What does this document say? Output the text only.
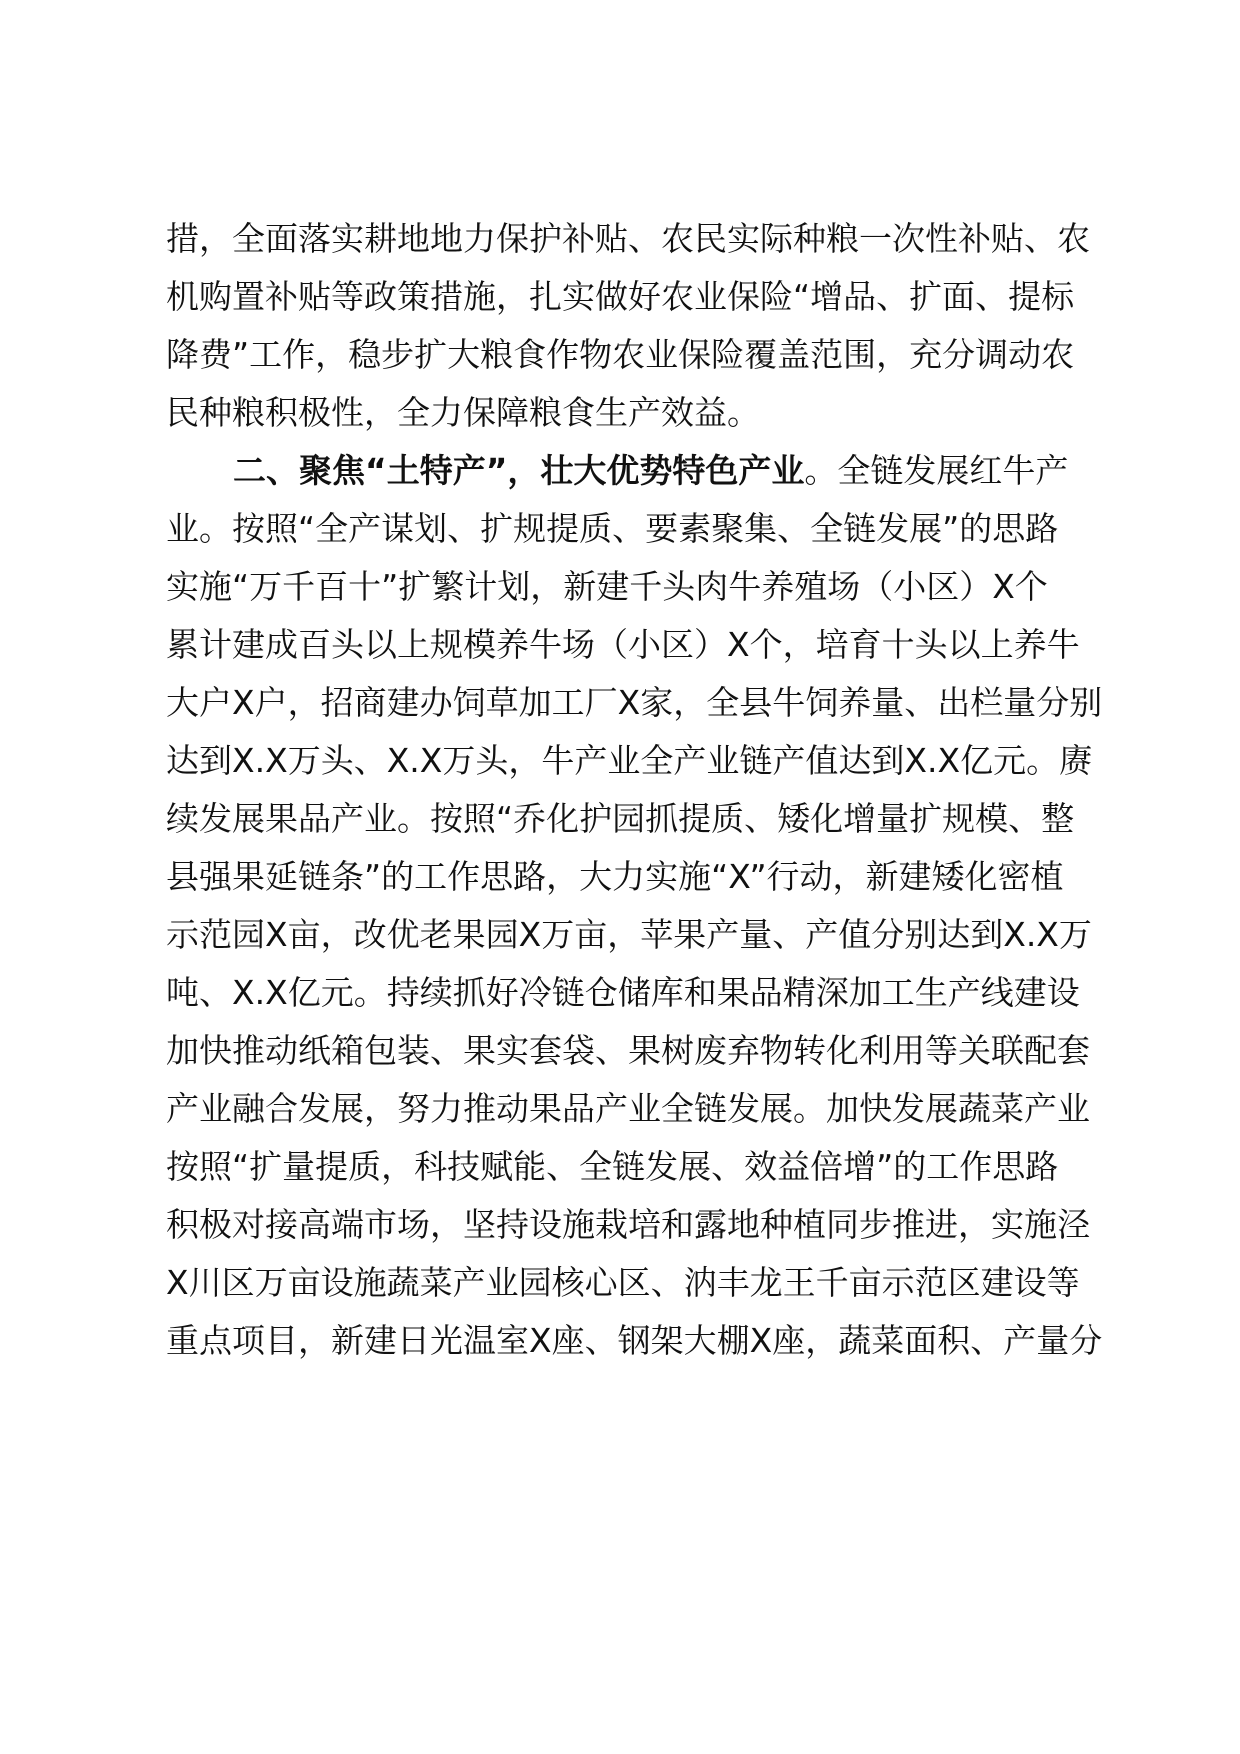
措，全面落实耕地地力保护补贴、农民实际种粮一次性补贴、农
机购置补贴等政策措施，扎实做好农业保险“增品、扩面、提标
降费”工作，稳步扩大粮食作物农业保险覆盖范围，充分调动农
民种粮积极性，全力保障粮食生产效益。
二、聚焦“土特产”，壮大优势特色产业。全链发展红牛产
业。按照“全产谋划、扩规提质、要素聚集、全链发展”的思路
实施“万千百十”扩繁计划，新建千头肉牛养殖场（小区）X个
累计建成百头以上规模养牛场（小区）X个，培育十头以上养牛
大户X户，招商建办饲草加工厂X家，全县牛饲养量、出栏量分别
达到X.X万头、X.X万头，牛产业全产业链产值达到X.X亿元。赓
续发展果品产业。按照“乔化护园抓提质、矮化增量扩规模、整
县强果延链条”的工作思路，大力实施“X”行动，新建矮化密植
示范园X亩，改优老果园X万亩，苹果产量、产值分别达到X.X万
吨、X.X亿元。持续抓好冷链仓储库和果品精深加工生产线建设
加快推动纸箱包装、果实套袋、果树废弃物转化利用等关联配套
产业融合发展，努力推动果品产业全链发展。加快发展蔬菜产业
按照“扩量提质，科技赋能、全链发展、效益倍增”的工作思路
积极对接高端市场，坚持设施栽培和露地种植同步推进，实施泾
X川区万亩设施蔬菜产业园核心区、汭丰龙王千亩示范区建设等
重点项目，新建日光温室X座、钢架大棚X座，蔬菜面积、产量分
